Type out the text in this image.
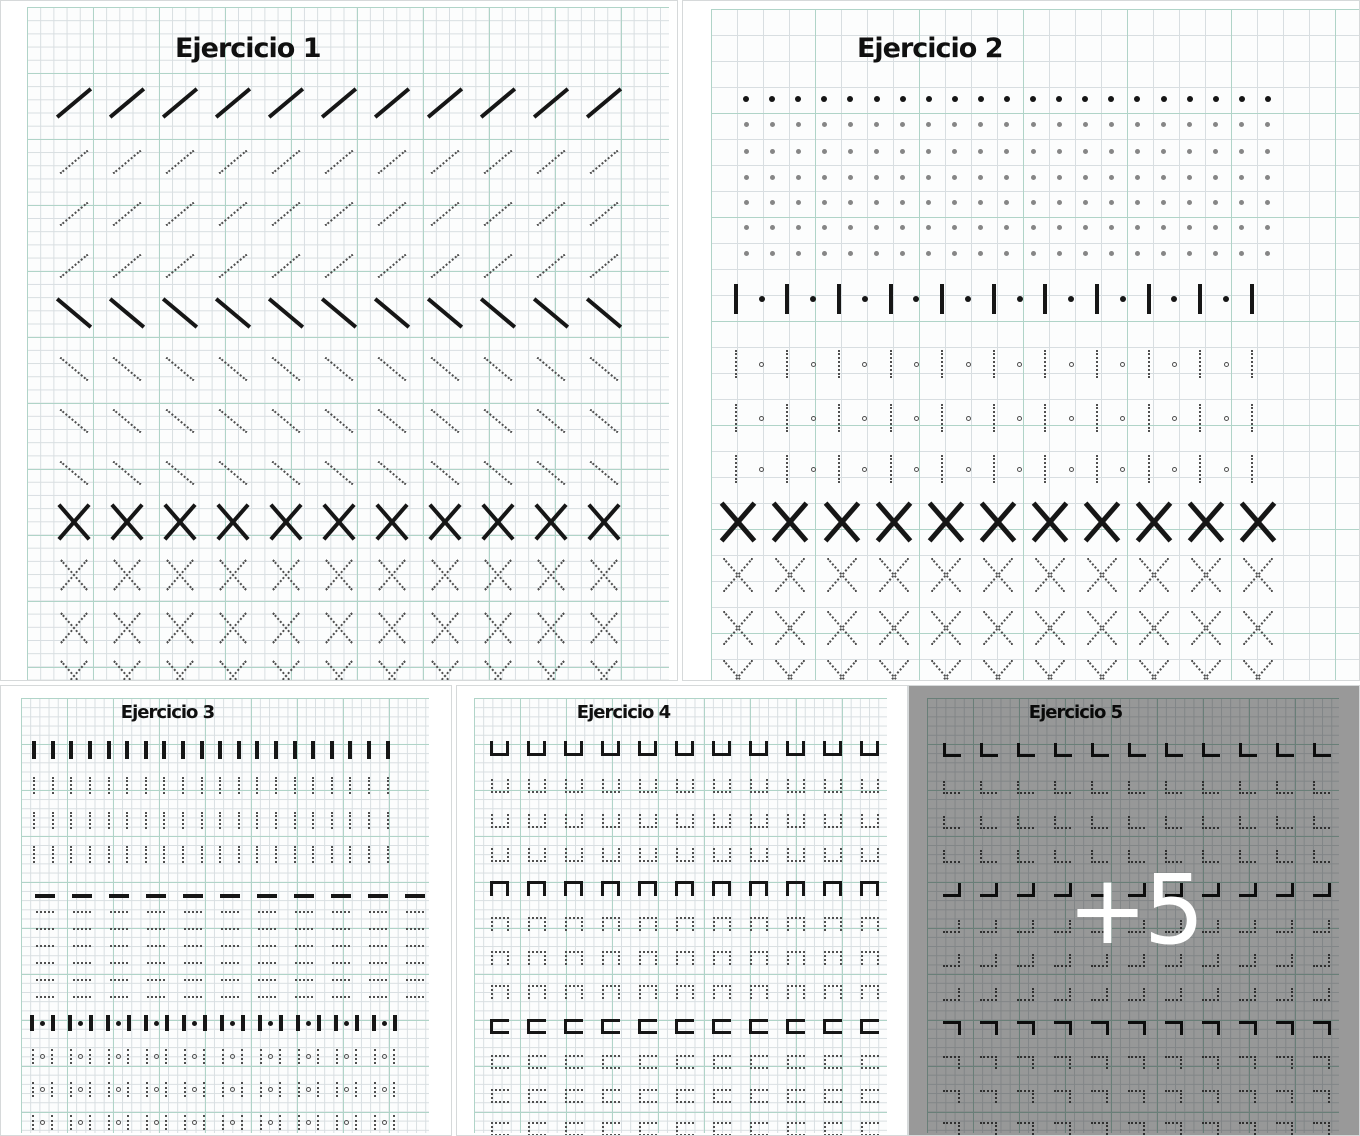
Ejercicio 1	Ejercicio 2
Ejercicio 3	Ejercicio 4	Ejercicio 5
+5
